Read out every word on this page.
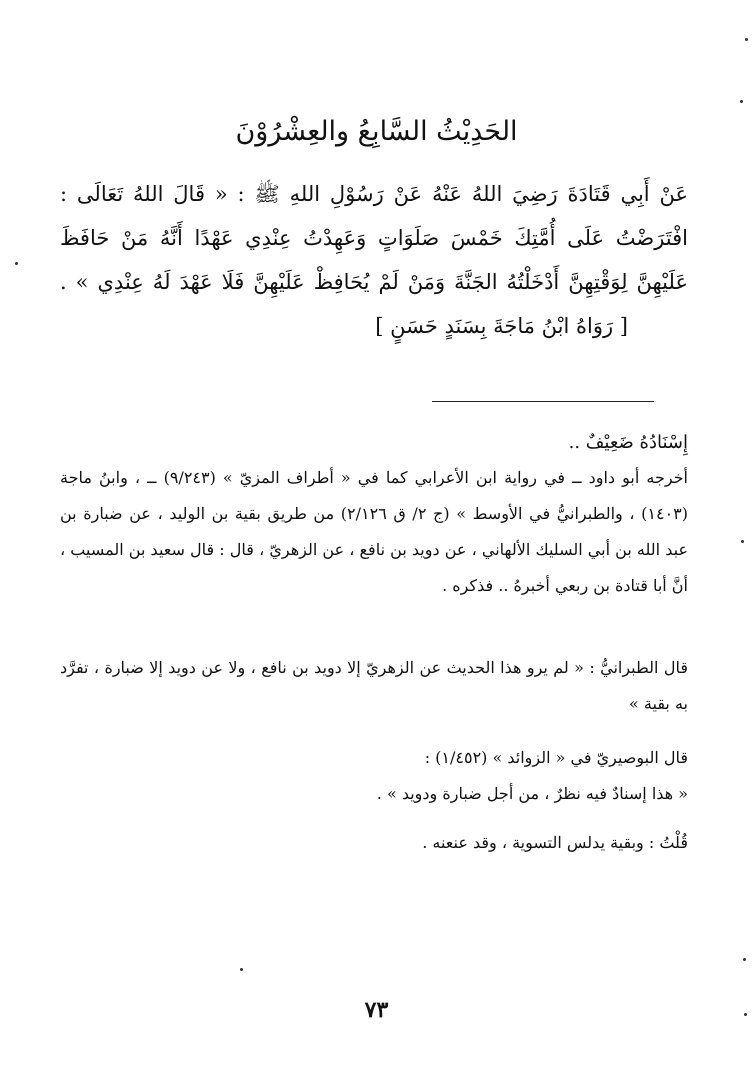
الحَدِيْثُ السَّابِعُ والعِشْرُوْنَ
عَنْ أَبِي قَتَادَةَ رَضِيَ اللهُ عَنْهُ عَنْ رَسُوْلِ اللهِ ﷺ : « قَالَ اللهُ تَعَالَى : افْتَرَضْتُ عَلَى أُمَّتِكَ خَمْسَ صَلَوَاتٍ وَعَهِدْتُ عِنْدِي عَهْدًا أَنَّهُ مَنْ حَافَظَ عَلَيْهِنَّ لِوَقْتِهِنَّ أَدْخَلْتُهُ الجَنَّةَ وَمَنْ لَمْ يُحَافِظْ عَلَيْهِنَّ فَلَا عَهْدَ لَهُ عِنْدِي » . [ رَوَاهُ ابْنُ مَاجَةَ بِسَنَدٍ حَسَنٍ ]
إِسْنَادُهُ ضَعِيْفٌ ..
أخرجه أبو داود ــ في رواية ابن الأعرابي كما في « أطراف المزيّ » (٩/٢٤٣) ــ ، وابنُ ماجة (١٤٠٣) ، والطبرانيُّ في الأوسط » (ج ٢/ ق ٢/١٢٦) من طريق بقية بن الوليد ، عن ضبارة بن عبد الله بن أبي السليك الألهاني ، عن دويد بن نافع ، عن الزهريّ ، قال : قال سعيد بن المسيب ، أنَّ أبا قتادة بن ربعي أخبرهُ .. فذكره .
قال الطبرانيُّ : « لم يرو هذا الحديث عن الزهريّ إلا دويد بن نافع ، ولا عن دويد إلا ضبارة ، تفرَّد به بقية »
قال البوصيريّ في « الزوائد » (١/٤٥٢) :
« هذا إسنادٌ فيه نظرٌ ، من أجل ضبارة ودويد » .
قُلْتُ : وبقية يدلس التسوية ، وقد عنعنه .
٧٣
